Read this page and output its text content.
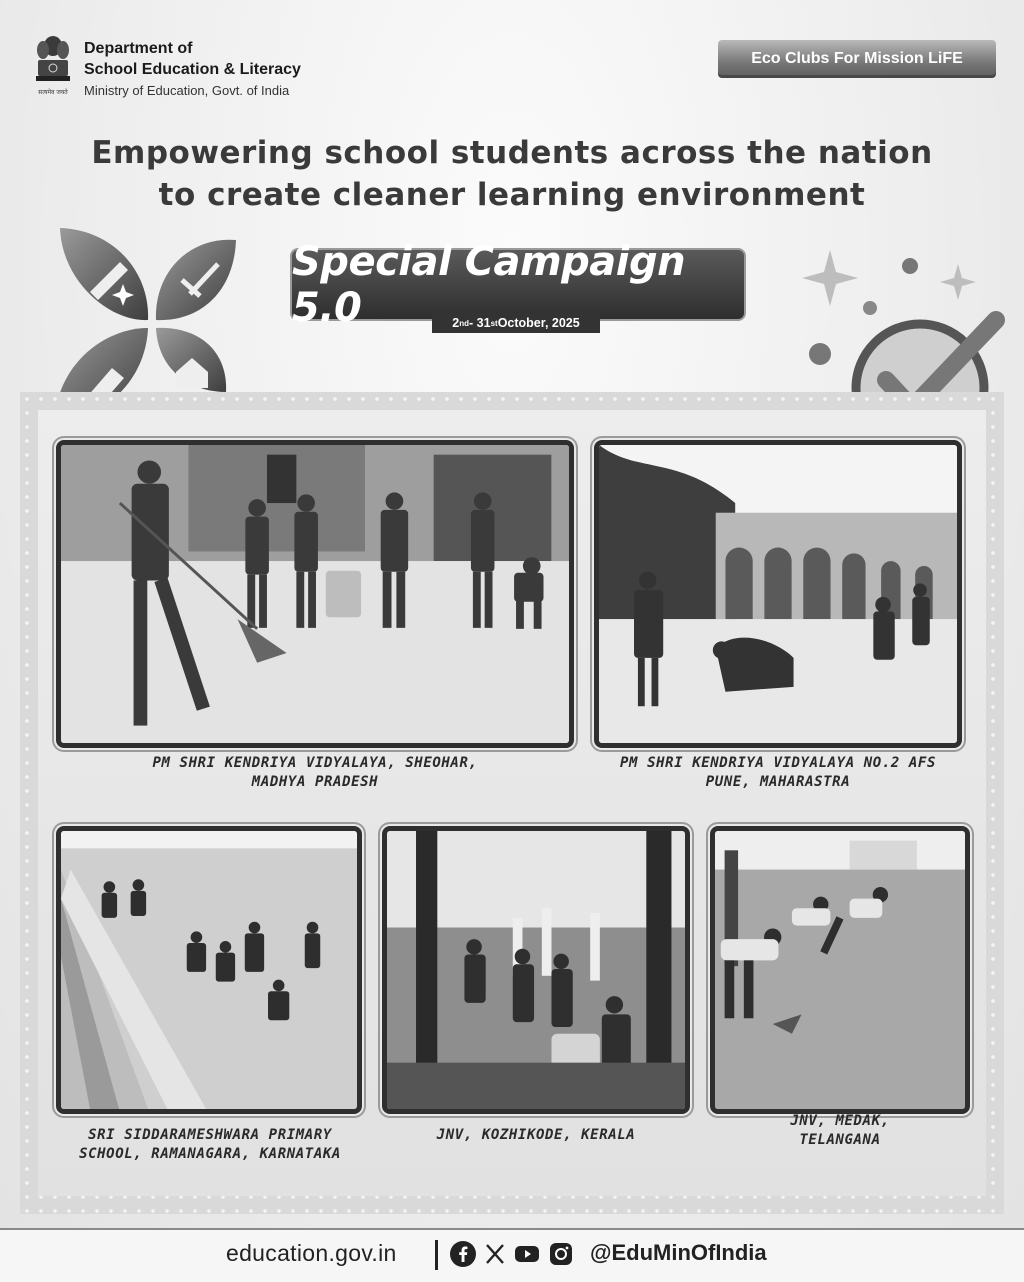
सत्यमेव जयते
Department of
School Education & Literacy
Ministry of Education, Govt. of India
Eco Clubs For Mission LiFE
Empowering school students across the nation
to create cleaner learning environment
Special Campaign 5.0	2 nd - 31 st October, 2025
PM SHRI KENDRIYA VIDYALAYA, SHEOHAR,
MADHYA PRADESH
PM SHRI KENDRIYA VIDYALAYA NO.2 AFS
PUNE, MAHARASTRA
SRI SIDDARAMESHWARA PRIMARY
SCHOOL, RAMANAGARA, KARNATAKA
JNV, KOZHIKODE, KERALA
JNV, MEDAK,
TELANGANA
education.gov.in	@EduMinOfIndia
